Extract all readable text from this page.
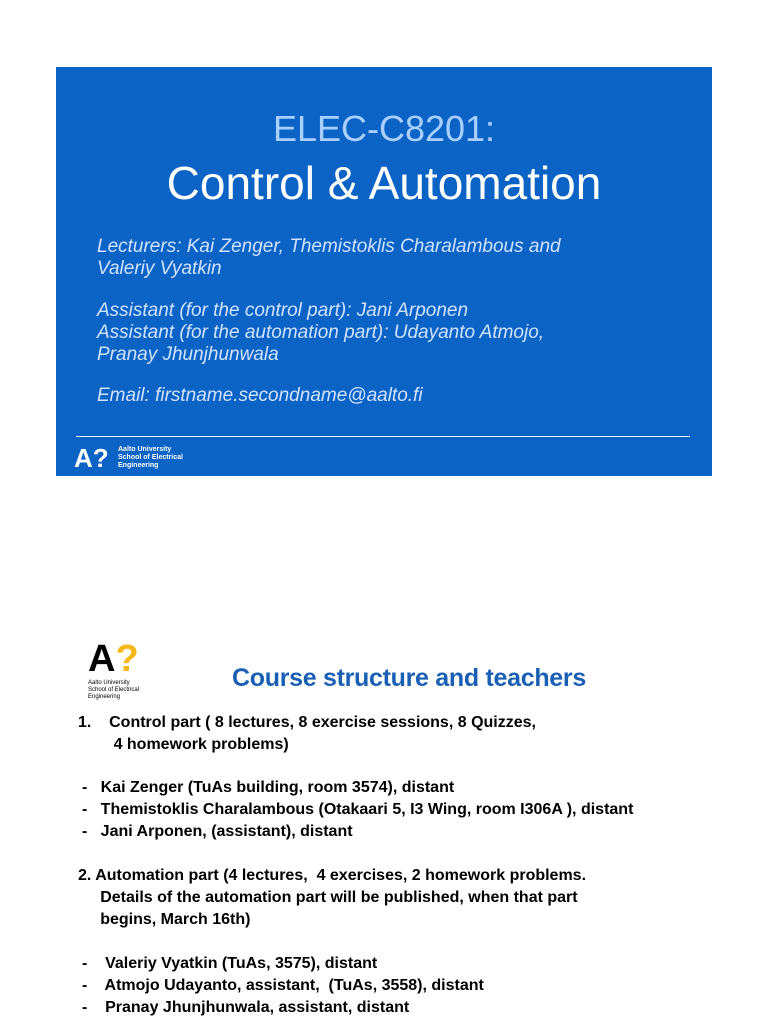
ELEC-C8201:
Control & Automation
Lecturers: Kai Zenger, Themistoklis Charalambous and
Valeriy Vyatkin
Assistant (for the control part): Jani Arponen
Assistant (for the automation part): Udayanto Atmojo,
Pranay Jhunjhunwala
Email: firstname.secondname@aalto.fi
A?	Aalto University
School of Electrical
Engineering
A?
Aalto University
School of Electrical
Engineering
Course structure and teachers
1.    Control part ( 8 lectures, 8 exercise sessions, 8 Quizzes,
4 homework problems)
-   Kai Zenger (TuAs building, room 3574), distant
-   Themistoklis Charalambous (Otakaari 5, I3 Wing, room I306A ), distant
-   Jani Arponen, (assistant), distant
2. Automation part (4 lectures,  4 exercises, 2 homework problems.
Details of the automation part will be published, when that part
begins, March 16th)
-    Valeriy Vyatkin (TuAs, 3575), distant
-    Atmojo Udayanto, assistant,  (TuAs, 3558), distant
-    Pranay Jhunjhunwala, assistant, distant
